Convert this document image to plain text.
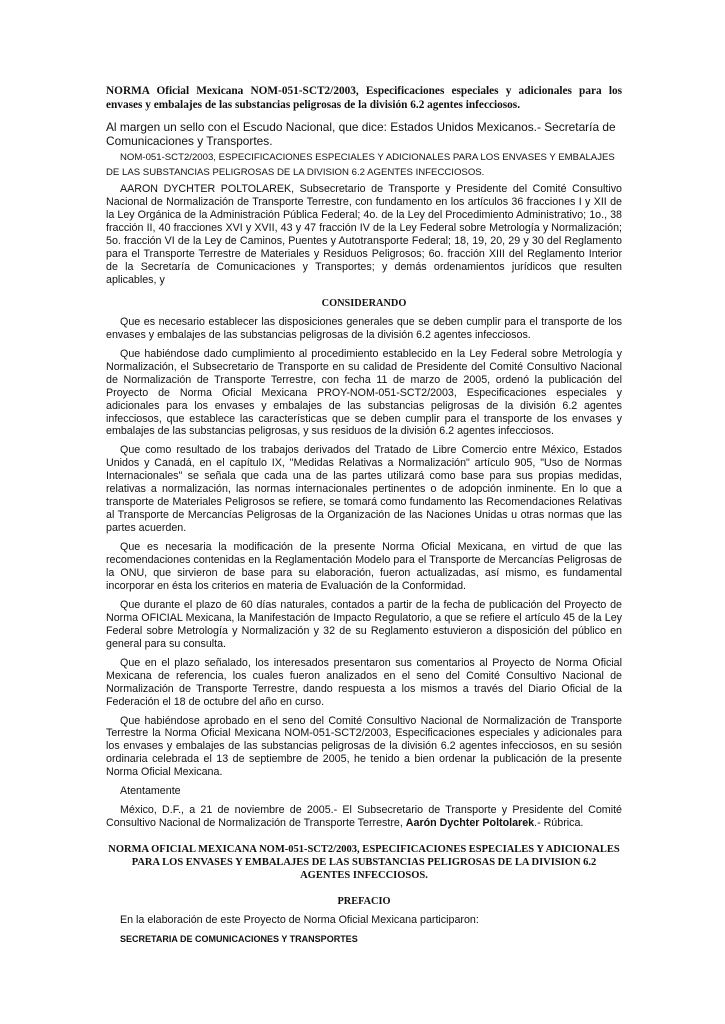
NORMA Oficial Mexicana NOM-051-SCT2/2003, Especificaciones especiales y adicionales para los envases y embalajes de las substancias peligrosas de la división 6.2 agentes infecciosos.

Al margen un sello con el Escudo Nacional, que dice: Estados Unidos Mexicanos.- Secretaría de Comunicaciones y Transportes.

NOM-051-SCT2/2003, ESPECIFICACIONES ESPECIALES Y ADICIONALES PARA LOS ENVASES Y EMBALAJES

DE LAS SUBSTANCIAS PELIGROSAS DE LA DIVISION 6.2 AGENTES INFECCIOSOS.

AARON DYCHTER POLTOLAREK, Subsecretario de Transporte y Presidente del Comité Consultivo Nacional de Normalización de Transporte Terrestre, con fundamento en los artículos 36 fracciones I y XII de la Ley Orgánica de la Administración Pública Federal; 4o. de la Ley del Procedimiento Administrativo; 1o., 38 fracción II, 40 fracciones XVI y XVII, 43 y 47 fracción IV de la Ley Federal sobre Metrología y Normalización; 5o. fracción VI de la Ley de Caminos, Puentes y Autotransporte Federal; 18, 19, 20, 29 y 30 del Reglamento para el Transporte Terrestre de Materiales y Residuos Peligrosos; 6o. fracción XIII del Reglamento Interior de la Secretaría de Comunicaciones y Transportes; y demás ordenamientos jurídicos que resulten aplicables, y

CONSIDERANDO

Que es necesario establecer las disposiciones generales que se deben cumplir para el transporte de los envases y embalajes de las substancias peligrosas de la división 6.2 agentes infecciosos.

Que habiéndose dado cumplimiento al procedimiento establecido en la Ley Federal sobre Metrología y Normalización, el Subsecretario de Transporte en su calidad de Presidente del Comité Consultivo Nacional de Normalización de Transporte Terrestre, con fecha 11 de marzo de 2005, ordenó la publicación del Proyecto de Norma Oficial Mexicana PROY-NOM-051-SCT2/2003, Especificaciones especiales y adicionales para los envases y embalajes de las substancias peligrosas de la división 6.2 agentes infecciosos, que establece las características que se deben cumplir para el transporte de los envases y embalajes de las substancias peligrosas, y sus residuos de la división 6.2 agentes infecciosos.

Que como resultado de los trabajos derivados del Tratado de Libre Comercio entre México, Estados Unidos y Canadá, en el capítulo IX, "Medidas Relativas a Normalización" artículo 905, "Uso de Normas Internacionales" se señala que cada una de las partes utilizará como base para sus propias medidas, relativas a normalización, las normas internacionales pertinentes o de adopción inminente. En lo que a transporte de Materiales Peligrosos se refiere, se tomará como fundamento las Recomendaciones Relativas al Transporte de Mercancías Peligrosas de la Organización de las Naciones Unidas u otras normas que las partes acuerden.

Que es necesaria la modificación de la presente Norma Oficial Mexicana, en virtud de que las recomendaciones contenidas en la Reglamentación Modelo para el Transporte de Mercancías Peligrosas de la ONU, que sirvieron de base para su elaboración, fueron actualizadas, así mismo, es fundamental incorporar en ésta los criterios en materia de Evaluación de la Conformidad.

Que durante el plazo de 60 días naturales, contados a partir de la fecha de publicación del Proyecto de Norma OFICIAL Mexicana, la Manifestación de Impacto Regulatorio, a que se refiere el artículo 45 de la Ley Federal sobre Metrología y Normalización y 32 de su Reglamento estuvieron a disposición del público en general para su consulta.

Que en el plazo señalado, los interesados presentaron sus comentarios al Proyecto de Norma Oficial Mexicana de referencia, los cuales fueron analizados en el seno del Comité Consultivo Nacional de Normalización de Transporte Terrestre, dando respuesta a los mismos a través del Diario Oficial de la Federación el 18 de octubre del año en curso.

Que habiéndose aprobado en el seno del Comité Consultivo Nacional de Normalización de Transporte Terrestre la Norma Oficial Mexicana NOM-051-SCT2/2003, Especificaciones especiales y adicionales para los envases y embalajes de las substancias peligrosas de la división 6.2 agentes infecciosos, en su sesión ordinaria celebrada el 13 de septiembre de 2005, he tenido a bien ordenar la publicación de la presente Norma Oficial Mexicana.

Atentamente

México, D.F., a 21 de noviembre de 2005.- El Subsecretario de Transporte y Presidente del Comité Consultivo Nacional de Normalización de Transporte Terrestre, Aarón Dychter Poltolarek.- Rúbrica.

NORMA OFICIAL MEXICANA NOM-051-SCT2/2003, ESPECIFICACIONES ESPECIALES Y ADICIONALES PARA LOS ENVASES Y EMBALAJES DE LAS SUBSTANCIAS PELIGROSAS DE LA DIVISION 6.2 AGENTES INFECCIOSOS.

PREFACIO

En la elaboración de este Proyecto de Norma Oficial Mexicana participaron:

SECRETARIA DE COMUNICACIONES Y TRANSPORTES
